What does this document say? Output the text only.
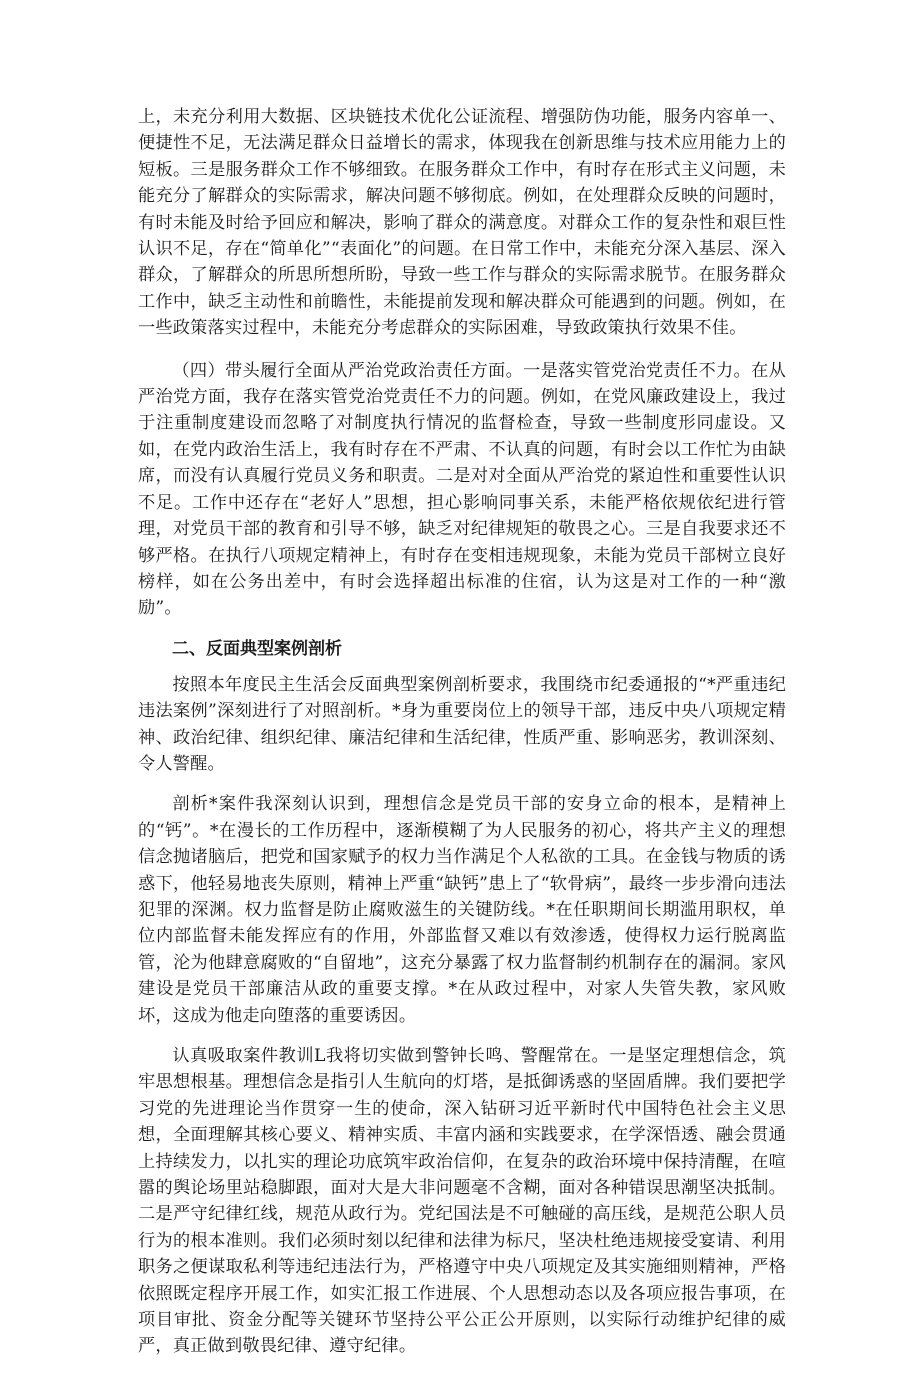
上，未充分利用大数据、区块链技术优化公证流程、增强防伪功能，服务内容单一、便捷性不足，无法满足群众日益增长的需求，体现我在创新思维与技术应用能力上的短板。三是服务群众工作不够细致。在服务群众工作中，有时存在形式主义问题，未能充分了解群众的实际需求，解决问题不够彻底。例如，在处理群众反映的问题时，有时未能及时给予回应和解决，影响了群众的满意度。对群众工作的复杂性和艰巨性认识不足，存在“简单化”“表面化”的问题。在日常工作中，未能充分深入基层、深入群众，了解群众的所思所想所盼，导致一些工作与群众的实际需求脱节。在服务群众工作中，缺乏主动性和前瞻性，未能提前发现和解决群众可能遇到的问题。例如，在一些政策落实过程中，未能充分考虑群众的实际困难，导致政策执行效果不佳。

（四）带头履行全面从严治党政治责任方面。一是落实管党治党责任不力。在从严治党方面，我存在落实管党治党责任不力的问题。例如，在党风廉政建设上，我过于注重制度建设而忽略了对制度执行情况的监督检查，导致一些制度形同虚设。又如，在党内政治生活上，我有时存在不严肃、不认真的问题，有时会以工作忙为由缺席，而没有认真履行党员义务和职责。二是对对全面从严治党的紧迫性和重要性认识不足。工作中还存在“老好人”思想，担心影响同事关系，未能严格依规依纪进行管理，对党员干部的教育和引导不够，缺乏对纪律规矩的敬畏之心。三是自我要求还不够严格。在执行八项规定精神上，有时存在变相违规现象，未能为党员干部树立良好榜样，如在公务出差中，有时会选择超出标准的住宿，认为这是对工作的一种“激励”。

二、反面典型案例剖析

按照本年度民主生活会反面典型案例剖析要求，我围绕市纪委通报的“*严重违纪违法案例”深刻进行了对照剖析。*身为重要岗位上的领导干部，违反中央八项规定精神、政治纪律、组织纪律、廉洁纪律和生活纪律，性质严重、影响恶劣，教训深刻、令人警醒。

剖析*案件我深刻认识到，理想信念是党员干部的安身立命的根本，是精神上的“钙”。*在漫长的工作历程中，逐渐模糊了为人民服务的初心，将共产主义的理想信念抛诸脑后，把党和国家赋予的权力当作满足个人私欲的工具。在金钱与物质的诱惑下，他轻易地丧失原则，精神上严重“缺钙”患上了“软骨病”，最终一步步滑向违法犯罪的深渊。权力监督是防止腐败滋生的关键防线。*在任职期间长期滥用职权，单位内部监督未能发挥应有的作用，外部监督又难以有效渗透，使得权力运行脱离监管，沦为他肆意腐败的“自留地”，这充分暴露了权力监督制约机制存在的漏洞。家风建设是党员干部廉洁从政的重要支撑。*在从政过程中，对家人失管失教，家风败坏，这成为他走向堕落的重要诱因。

认真吸取案件教训L我将切实做到警钟长鸣、警醒常在。一是坚定理想信念，筑牢思想根基。理想信念是指引人生航向的灯塔，是抵御诱惑的坚固盾牌。我们要把学习党的先进理论当作贯穿一生的使命，深入钻研习近平新时代中国特色社会主义思想，全面理解其核心要义、精神实质、丰富内涵和实践要求，在学深悟透、融会贯通上持续发力，以扎实的理论功底筑牢政治信仰，在复杂的政治环境中保持清醒，在喧嚣的舆论场里站稳脚跟，面对大是大非问题毫不含糊，面对各种错误思潮坚决抵制。二是严守纪律红线，规范从政行为。党纪国法是不可触碰的高压线，是规范公职人员行为的根本准则。我们必须时刻以纪律和法律为标尺，坚决杜绝违规接受宴请、利用职务之便谋取私利等违纪违法行为，严格遵守中央八项规定及其实施细则精神，严格依照既定程序开展工作，如实汇报工作进展、个人思想动态以及各项应报告事项，在项目审批、资金分配等关键环节坚持公平公正公开原则，以实际行动维护纪律的威严，真正做到敬畏纪律、遵守纪律。
